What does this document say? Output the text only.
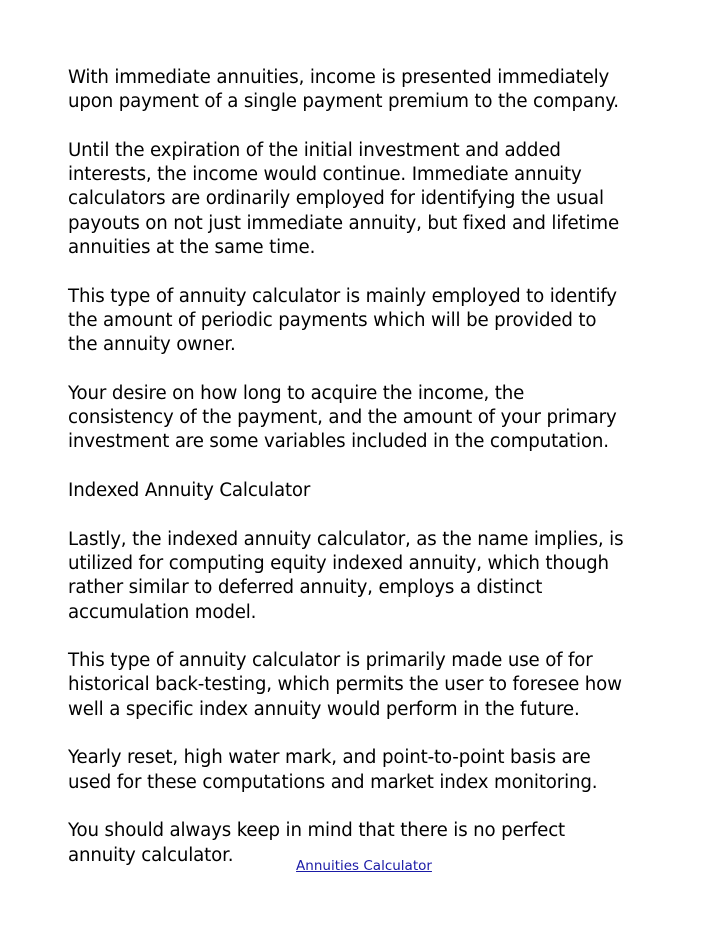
With immediate annuities, income is presented immediately
upon payment of a single payment premium to the company.

Until the expiration of the initial investment and added
interests, the income would continue. Immediate annuity
calculators are ordinarily employed for identifying the usual
payouts on not just immediate annuity, but fixed and lifetime
annuities at the same time.

This type of annuity calculator is mainly employed to identify
the amount of periodic payments which will be provided to
the annuity owner.

Your desire on how long to acquire the income, the
consistency of the payment, and the amount of your primary
investment are some variables included in the computation.

Indexed Annuity Calculator

Lastly, the indexed annuity calculator, as the name implies, is
utilized for computing equity indexed annuity, which though
rather similar to deferred annuity, employs a distinct
accumulation model.

This type of annuity calculator is primarily made use of for
historical back-testing, which permits the user to foresee how
well a specific index annuity would perform in the future.

Yearly reset, high water mark, and point-to-point basis are
used for these computations and market index monitoring.

You should always keep in mind that there is no perfect
annuity calculator.

Annuities Calculator
